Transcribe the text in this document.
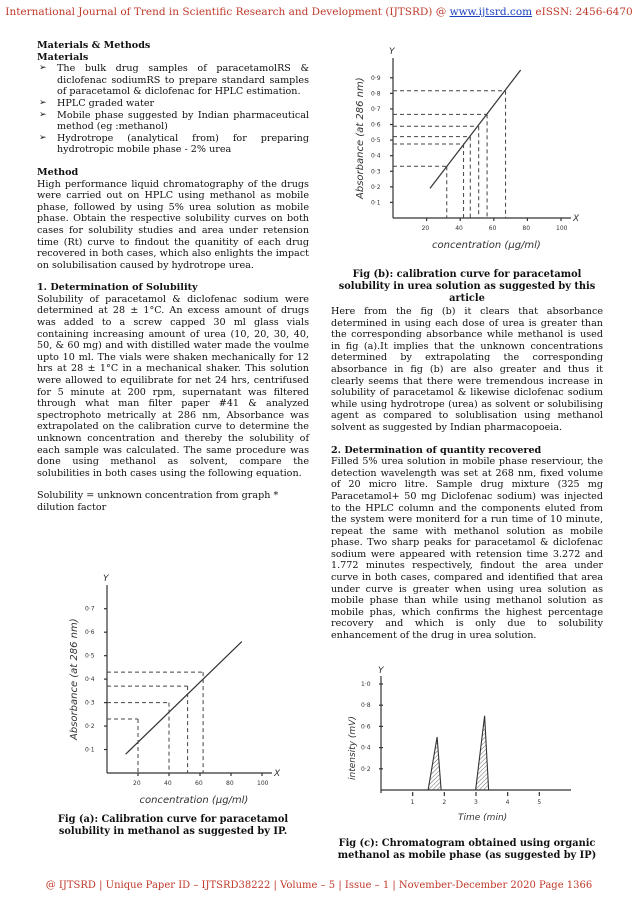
International Journal of Trend in Scientific Research and Development (IJTSRD) @ www.ijtsrd.com eISSN: 2456-6470
Materials & Methods
Materials
➢ The bulk drug samples of paracetamolRS & diclofenac sodiumRS to prepare standard samples of paracetamol & diclofenac for HPLC estimation.
➢ HPLC graded water
➢ Mobile phase suggested by Indian pharmaceutical method (eg :methanol)
➢ Hydrotrope (analytical from) for preparing hydrotropic mobile phase - 2% urea
Method
High performance liquid chromatography of the drugs were carried out on HPLC using methanol as mobile phase, followed by using 5% urea solution as mobile phase. Obtain the respective solubility curves on both cases for solubility studies and area under retension time (Rt) curve to findout the quanitity of each drug recovered in both cases, which also enlights the impact on solubilisation caused by hydrotrope urea.
1. Determination of Solubility
Solubility of paracetamol & diclofenac sodium were determined at 28 ± 1°C. An excess amount of drugs was added to a screw capped 30 ml glass vials containing increasing amount of urea (10, 20, 30, 40, 50, & 60 mg) and with distilled water made the voulme upto 10 ml. The vials were shaken mechanically for 12 hrs at 28 ± 1°C in a mechanical shaker. This solution were allowed to equilibrate for net 24 hrs, centrifused for 5 minute at 200 rpm, supernatant was filtered through what man filter paper #41 & analyzed spectrophoto metrically at 286 nm, Absorbance was extrapolated on the calibration curve to determine the unknown concentration and thereby the solubility of each sample was calculated. The same procedure was done using methanol as solvent, compare the solubilities in both cases using the following equation.
Solubility = unknown concentration from graph * dilution factor
X
Y
20	40	60	80	100
0·1
0·2
0·3
0·4
0·5
0·6
0·7
concentration (µg/ml)
Absorbance (at 286 nm)
Fig (a): Calibration curve for paracetamol solubility in methanol as suggested by IP.
X
Y
20	40	60	80	100
0·1
0·2
0·3
0·4
0·5
0·6
0·7
0·8
0·9
concentration (µg/ml)
Absorbance (at 286 nm)
Fig (b): calibration curve for paracetamol solubility in urea solution as suggested by this article
Here from the fig (b) it clears that absorbance determined in using each dose of urea is greater than the corresponding absorbance while methanol is used in fig (a).It implies that the unknown concentrations determined by extrapolating the corresponding absorbance in fig (b) are also greater and thus it clearly seems that there were tremendous increase in solubility of paracetamol & likewise diclofenac sodium while using hydrotrope (urea) as solvent or solubilising agent as compared to solublisation using methanol solvent as suggested by Indian pharmacopoeia.
2. Determination of quantity recovered
Filled 5% urea solution in mobile phase reserviour, the detection wavelength was set at 268 nm, fixed volume of 20 micro litre. Sample drug mixture (325 mg Paracetamol+ 50 mg Diclofenac sodium) was injected to the HPLC column and the components eluted from the system were moniterd for a run time of 10 minute, repeat the same with methanol solution as mobile phase. Two sharp peaks for paracetamol & diclofenac sodium were appeared with retension time 3.272 and 1.772 minutes respectively, findout the area under curve in both cases, compared and identified that area under curve is greater when using urea solution as mobile phase than while using methanol solution as mobile phas, which confirms the highest percentage recovery and which is only due to solubility enhancement of the drug in urea solution.
Y
1	2	3	4	5
0·2
0·4
0·6
0·8
1·0
Time (min)
intensity (mV)
Fig (c): Chromatogram obtained using organic methanol as mobile phase (as suggested by IP)
@ IJTSRD | Unique Paper ID – IJTSRD38222 | Volume – 5 | Issue – 1 | November-December 2020 Page 1366
